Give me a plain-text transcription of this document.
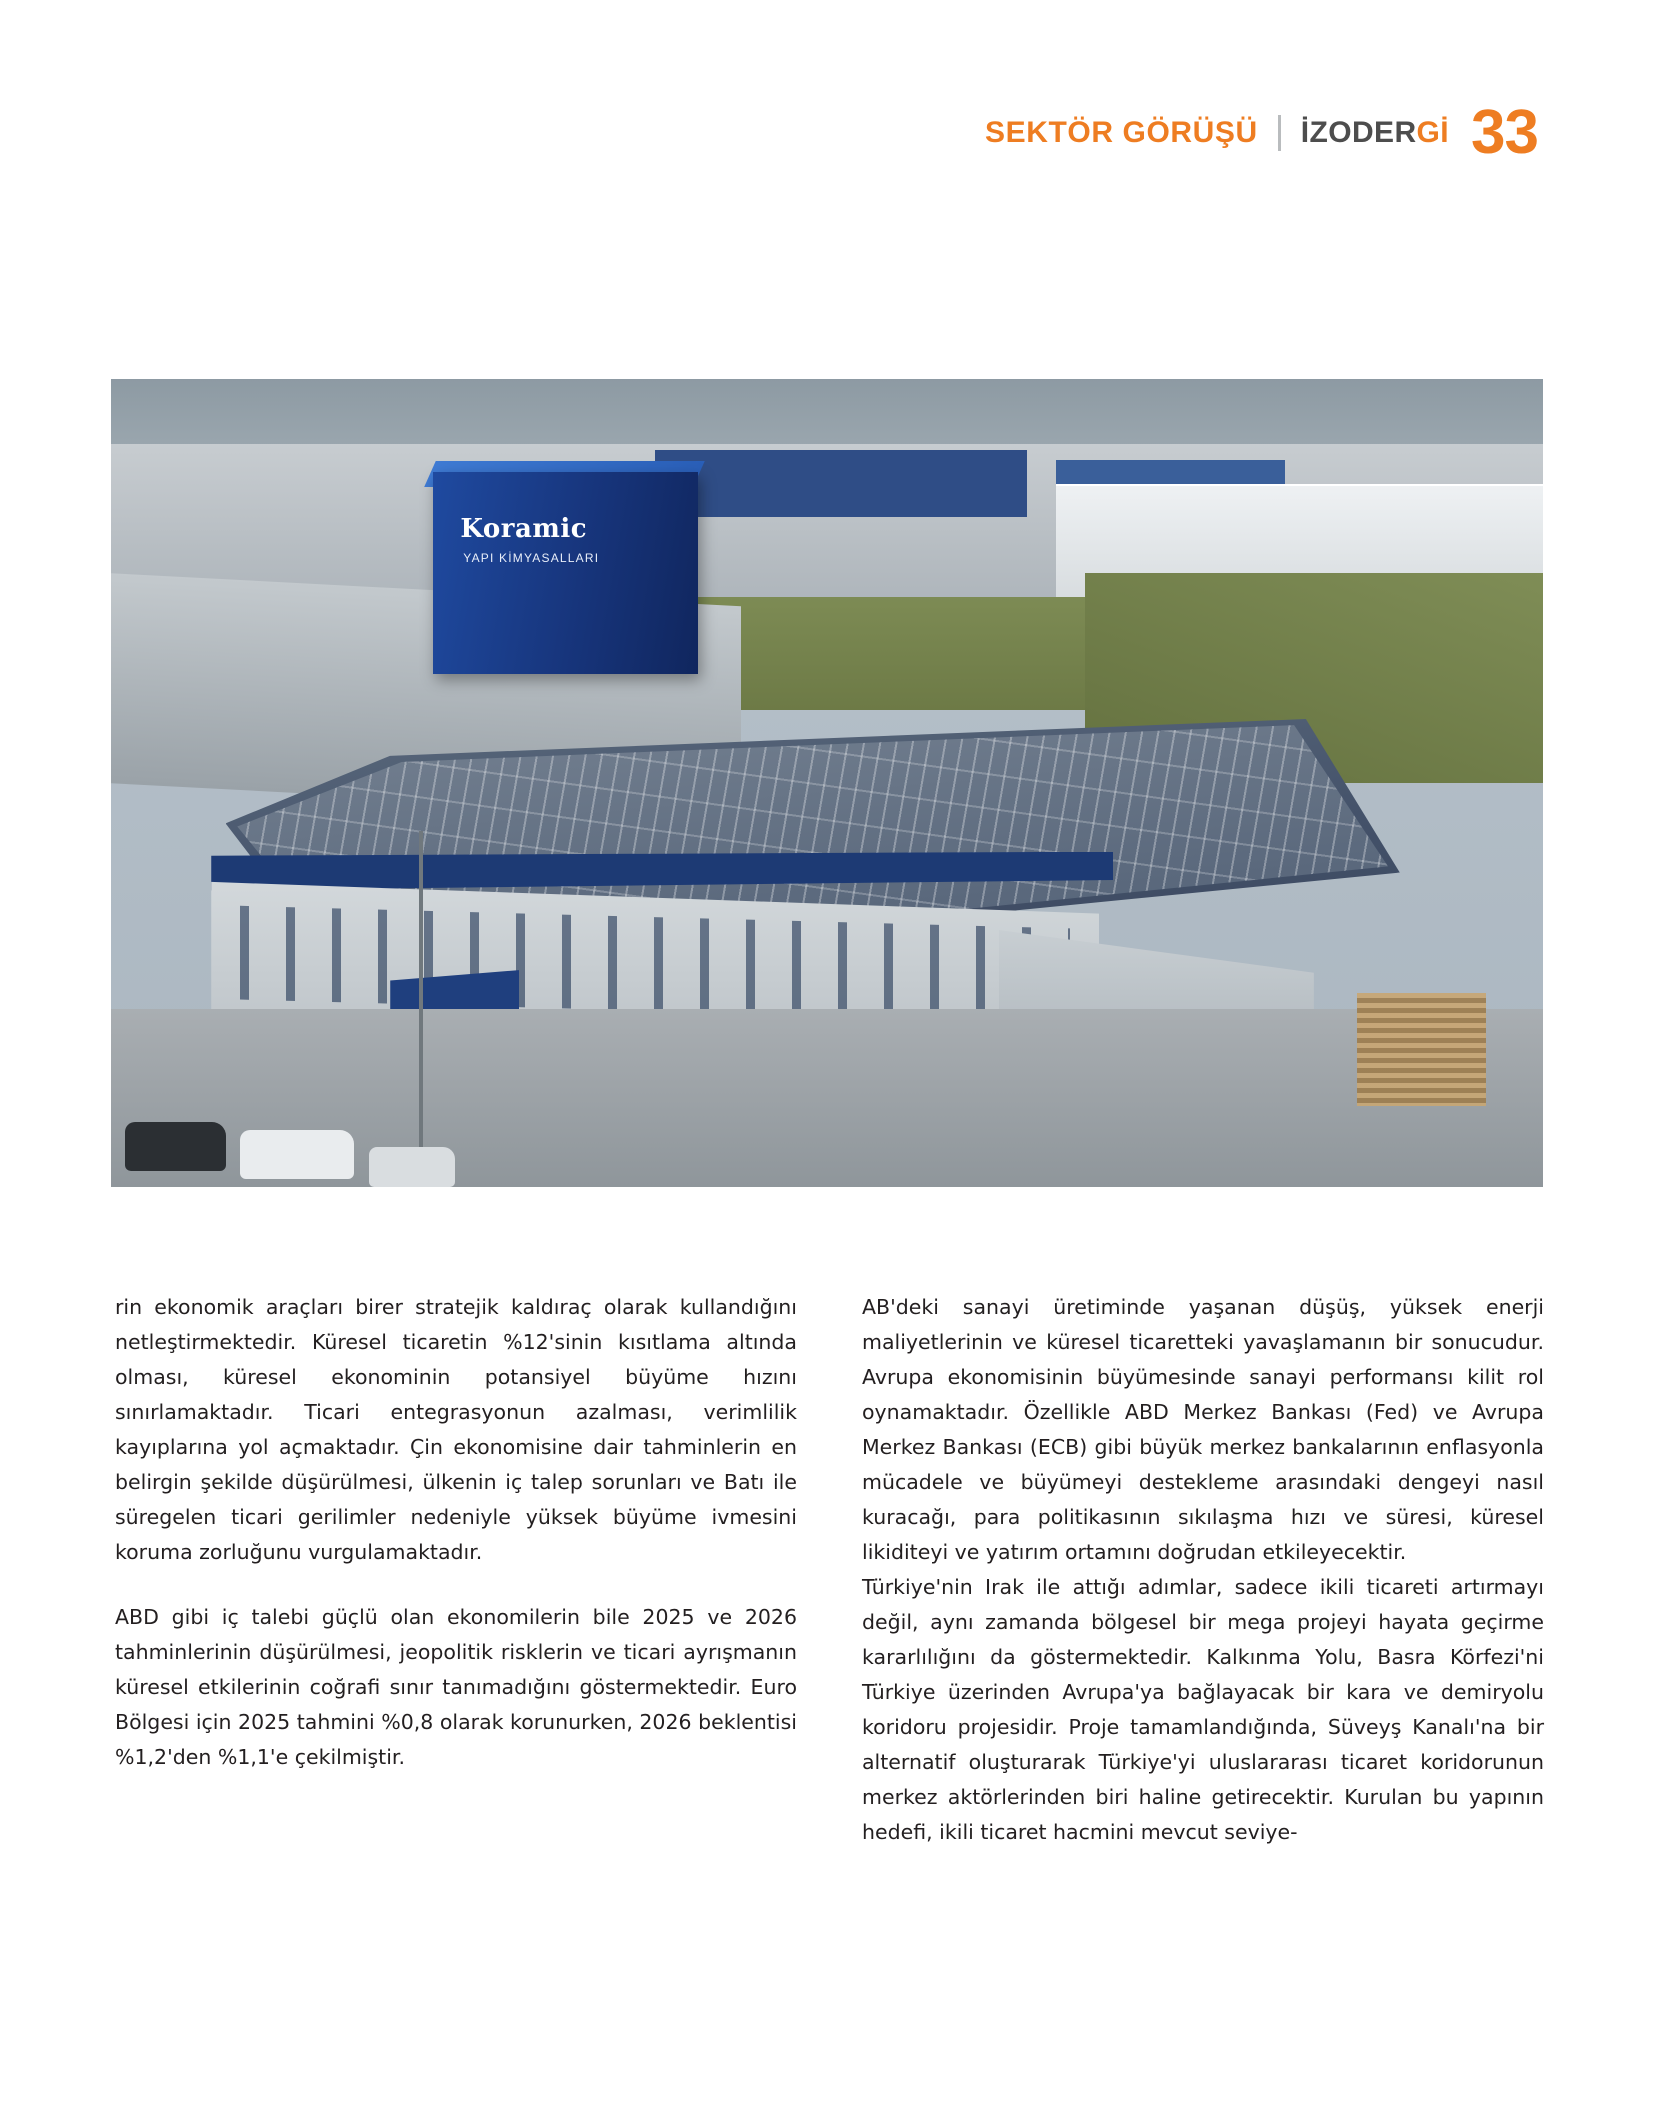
SEKTÖR GÖRÜŞÜ İZODERGİ 33
Koramic
YAPI KİMYASALLARI

rin ekonomik araçları birer stratejik kaldıraç olarak kullandığını netleştirmektedir. Küresel ticaretin %12'sinin kısıtlama altında olması, küresel ekonominin potansiyel büyüme hızını sınırlamaktadır. Ticari entegrasyonun azalması, verimlilik kayıplarına yol açmaktadır. Çin ekonomisine dair tahminlerin en belirgin şekilde düşürülmesi, ülkenin iç talep sorunları ve Batı ile süregelen ticari gerilimler nedeniyle yüksek büyüme ivmesini koruma zorluğunu vurgulamaktadır.

ABD gibi iç talebi güçlü olan ekonomilerin bile 2025 ve 2026 tahminlerinin düşürülmesi, jeopolitik risklerin ve ticari ayrışmanın küresel etkilerinin coğrafi sınır tanımadığını göstermektedir. Euro Bölgesi için 2025 tahmini %0,8 olarak korunurken, 2026 beklentisi %1,2'den %1,1'e çekilmiştir.

AB'deki sanayi üretiminde yaşanan düşüş, yüksek enerji maliyetlerinin ve küresel ticaretteki yavaşlamanın bir sonucudur. Avrupa ekonomisinin büyümesinde sanayi performansı kilit rol oynamaktadır. Özellikle ABD Merkez Bankası (Fed) ve Avrupa Merkez Bankası (ECB) gibi büyük merkez bankalarının enflasyonla mücadele ve büyümeyi destekleme arasındaki dengeyi nasıl kuracağı, para politikasının sıkılaşma hızı ve süresi, küresel likiditeyi ve yatırım ortamını doğrudan etkileyecektir.

Türkiye'nin Irak ile attığı adımlar, sadece ikili ticareti artırmayı değil, aynı zamanda bölgesel bir mega projeyi hayata geçirme kararlılığını da göstermektedir. Kalkınma Yolu, Basra Körfezi'ni Türkiye üzerinden Avrupa'ya bağlayacak bir kara ve demiryolu koridoru projesidir. Proje tamamlandığında, Süveyş Kanalı'na bir alternatif oluşturarak Türkiye'yi uluslararası ticaret koridorunun merkez aktörlerinden biri haline getirecektir. Kurulan bu yapının hedefi, ikili ticaret hacmini mevcut seviye-
